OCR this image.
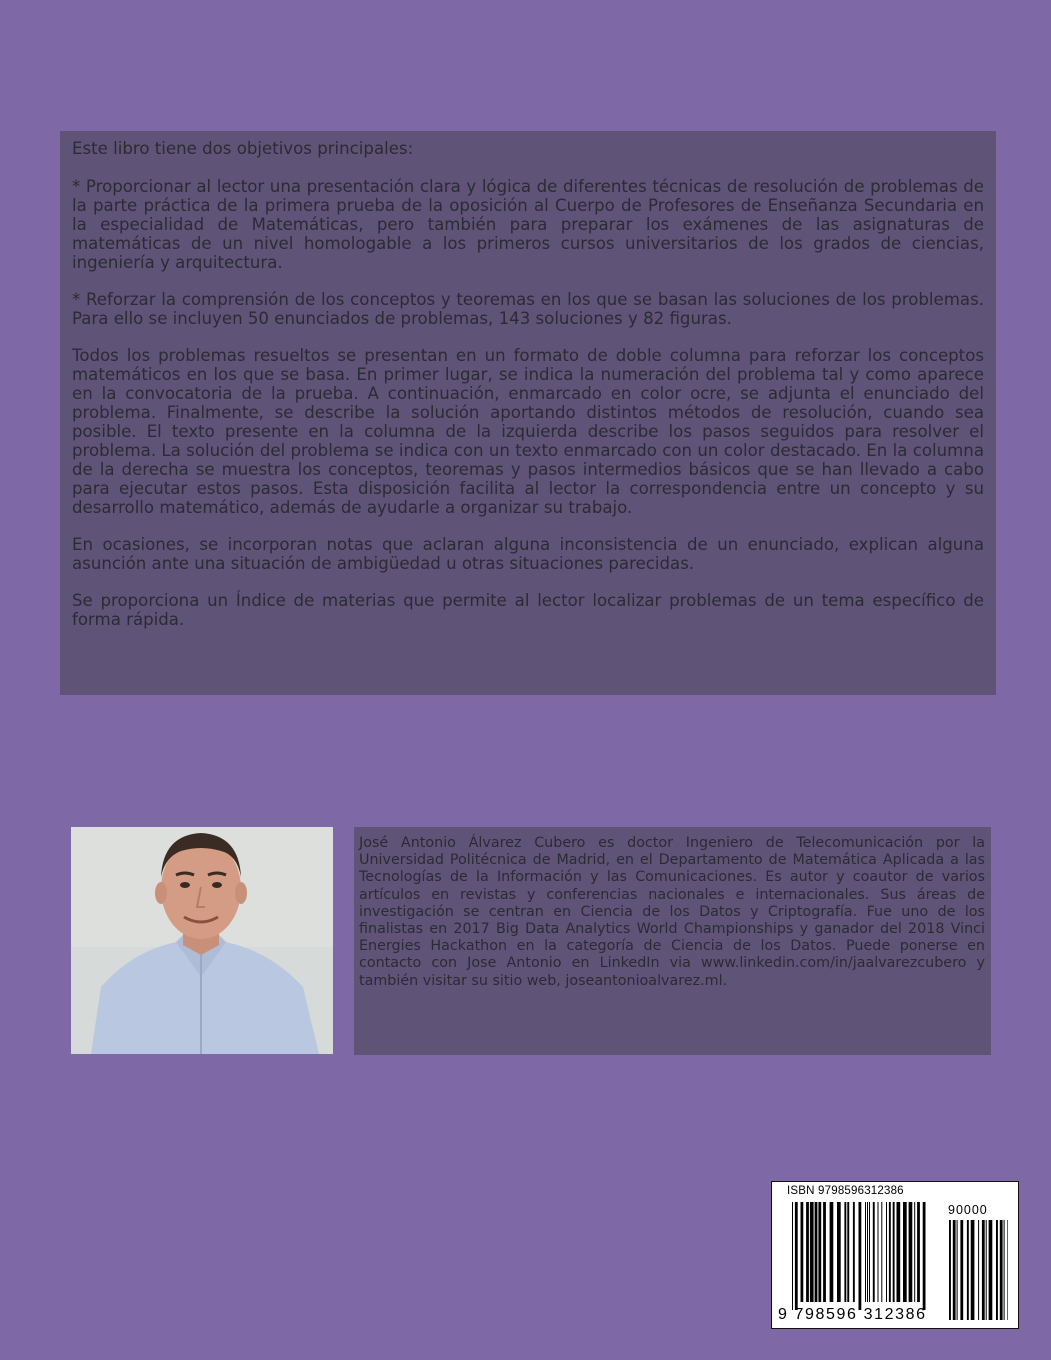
Este libro tiene dos objetivos principales:

* Proporcionar al lector una presentación clara y lógica de diferentes técnicas de resolución de problemas de la parte práctica de la primera prueba de la oposición al Cuerpo de Profesores de Enseñanza Secundaria en la especialidad de Matemáticas, pero también para preparar los exámenes de las asignaturas de matemáticas de un nivel homologable a los primeros cursos universitarios de los grados de ciencias, ingeniería y arquitectura.

* Reforzar la comprensión de los conceptos y teoremas en los que se basan las soluciones de los problemas. Para ello se incluyen 50 enunciados de problemas, 143 soluciones y 82 figuras.

Todos los problemas resueltos se presentan en un formato de doble columna para reforzar los conceptos matemáticos en los que se basa. En primer lugar, se indica la numeración del problema tal y como aparece en la convocatoria de la prueba. A continuación, enmarcado en color ocre, se adjunta el enunciado del problema. Finalmente, se describe la solución aportando distintos métodos de resolución, cuando sea posible. El texto presente en la columna de la izquierda describe los pasos seguidos para resolver el problema. La solución del problema se indica con un texto enmarcado con un color destacado. En la columna de la derecha se muestra los conceptos, teoremas y pasos intermedios básicos que se han llevado a cabo para ejecutar estos pasos. Esta disposición facilita al lector la correspondencia entre un concepto y su desarrollo matemático, además de ayudarle a organizar su trabajo.

En ocasiones, se incorporan notas que aclaran alguna inconsistencia de un enunciado, explican alguna asunción ante una situación de ambigüedad u otras situaciones parecidas.

Se proporciona un Índice de materias que permite al lector localizar problemas de un tema específico de forma rápida.

José Antonio Álvarez Cubero es doctor Ingeniero de Telecomunicación por la Universidad Politécnica de Madrid, en el Departamento de Matemática Aplicada a las Tecnologías de la Información y las Comunicaciones. Es autor y coautor de varios artículos en revistas y conferencias nacionales e internacionales. Sus áreas de investigación se centran en Ciencia de los Datos y Criptografía. Fue uno de los finalistas en 2017 Big Data Analytics World Championships y ganador del 2018 Vinci Energies Hackathon en la categoría de Ciencia de los Datos. Puede ponerse en contacto con Jose Antonio en LinkedIn via www.linkedin.com/in/jaalvarezcubero y también visitar su sitio web, joseantonioalvarez.ml.
ISBN 9798596312386
90000
9 798596 312386
